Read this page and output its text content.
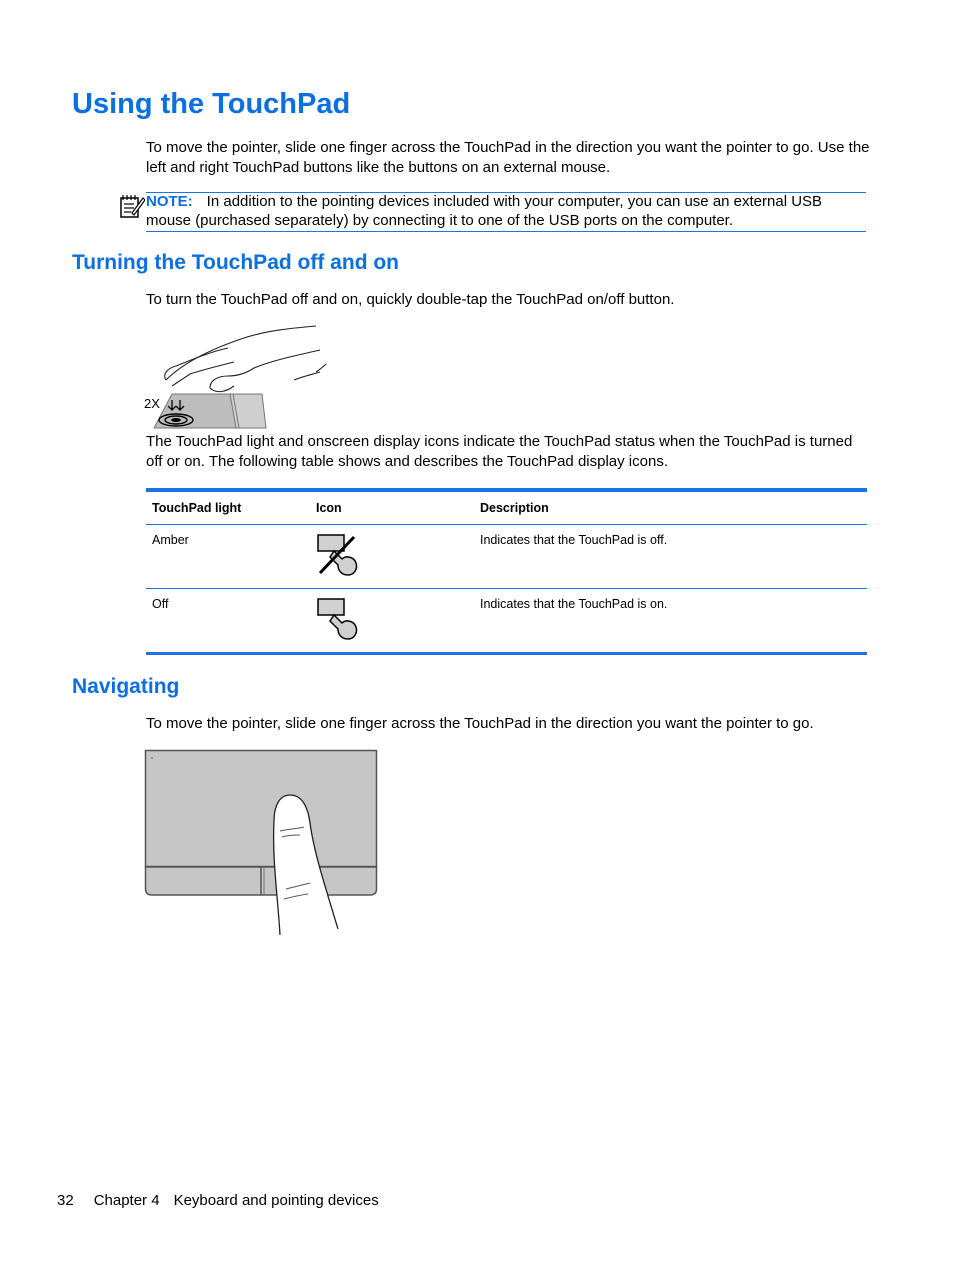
Using the TouchPad
To move the pointer, slide one finger across the TouchPad in the direction you want the pointer to go. Use the left and right TouchPad buttons like the buttons on an external mouse.
NOTE: In addition to the pointing devices included with your computer, you can use an external USB mouse (purchased separately) by connecting it to one of the USB ports on the computer.
Turning the TouchPad off and on
To turn the TouchPad off and on, quickly double-tap the TouchPad on/off button.
2X
The TouchPad light and onscreen display icons indicate the TouchPad status when the TouchPad is turned off or on. The following table shows and describes the TouchPad display icons.
TouchPad light	Icon	Description
Amber		Indicates that the TouchPad is off.
Off		Indicates that the TouchPad is on.
Navigating
To move the pointer, slide one finger across the TouchPad in the direction you want the pointer to go.
32 Chapter 4 Keyboard and pointing devices
